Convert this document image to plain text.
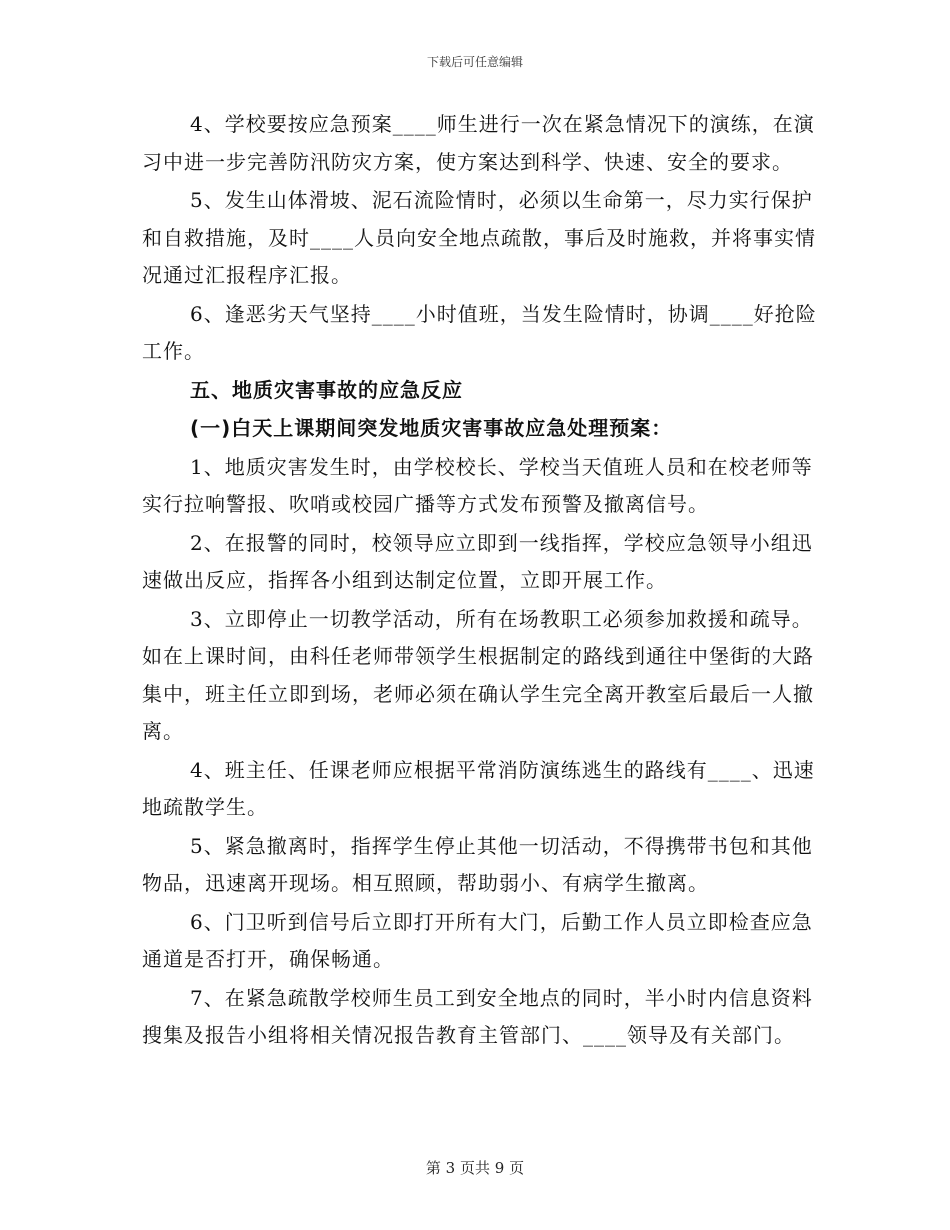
下载后可任意编辑

4、学校要按应急预案____师生进行一次在紧急情况下的演练，在演习中进一步完善防汛防灾方案，使方案达到科学、快速、安全的要求。

5、发生山体滑坡、泥石流险情时，必须以生命第一，尽力实行保护和自救措施，及时____人员向安全地点疏散，事后及时施救，并将事实情况通过汇报程序汇报。

6、逢恶劣天气坚持____小时值班，当发生险情时，协调____好抢险工作。

五、地质灾害事故的应急反应

(一)白天上课期间突发地质灾害事故应急处理预案：

1、地质灾害发生时，由学校校长、学校当天值班人员和在校老师等实行拉响警报、吹哨或校园广播等方式发布预警及撤离信号。

2、在报警的同时，校领导应立即到一线指挥，学校应急领导小组迅速做出反应，指挥各小组到达制定位置，立即开展工作。

3、立即停止一切教学活动，所有在场教职工必须参加救援和疏导。如在上课时间，由科任老师带领学生根据制定的路线到通往中堡街的大路集中，班主任立即到场，老师必须在确认学生完全离开教室后最后一人撤离。

4、班主任、任课老师应根据平常消防演练逃生的路线有____、迅速地疏散学生。

5、紧急撤离时，指挥学生停止其他一切活动，不得携带书包和其他物品，迅速离开现场。相互照顾，帮助弱小、有病学生撤离。

6、门卫听到信号后立即打开所有大门，后勤工作人员立即检查应急通道是否打开，确保畅通。

7、在紧急疏散学校师生员工到安全地点的同时，半小时内信息资料搜集及报告小组将相关情况报告教育主管部门、____领导及有关部门。

第 3 页共 9 页
